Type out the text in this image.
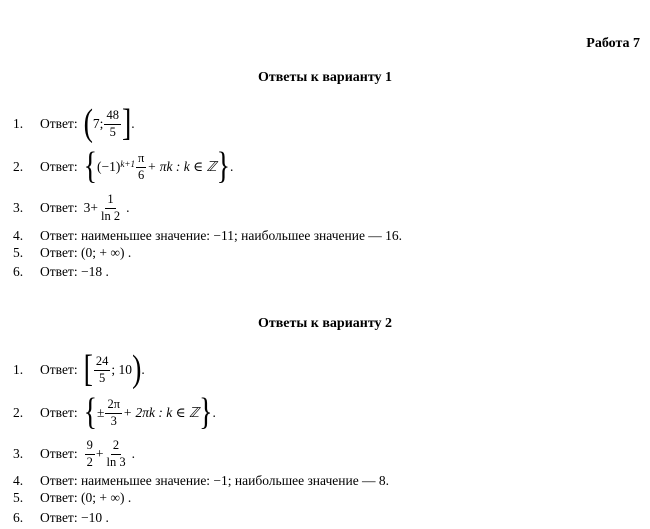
Работа 7
Ответы к варианту 1
1. Ответ: ( 7; $\frac{48}{5}$ ] .
2. Ответ: { (−1) $k+1 \frac{\pi}{6} + \pi k$ : k ∈ ℤ } .
3. Ответ: $3+ \frac{1}{\ln 2}$ .
4. Ответ: наименьшее значение: −11; наибольшее значение — 16.
5. Ответ: (0; + ∞) .
6. Ответ: −18 .
Ответы к варианту 2
1. Ответ: [ $\frac{24}{5}$ ; 10 ) .
2. Ответ: { ± $\frac{2\pi}{3} + 2\pi k$ : k ∈ ℤ } .
3. Ответ: $\frac{9}{2} + \frac{2}{\ln 3}$ .
4. Ответ: наименьшее значение: −1; наибольшее значение — 8.
5. Ответ: (0; + ∞) .
6. Ответ: −10 .
